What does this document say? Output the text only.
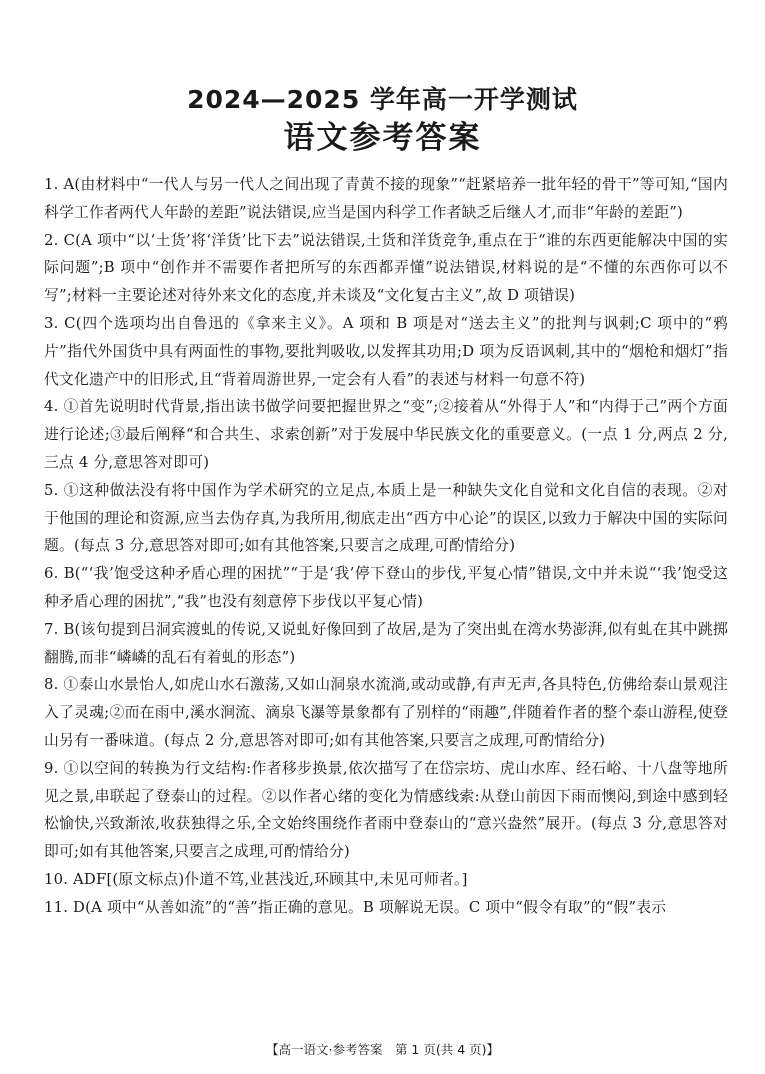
2024—2025 学年高一开学测试
语文参考答案
1. A(由材料中“一代人与另一代人之间出现了青黄不接的现象”“赶紧培养一批年轻的骨干”等可知,“国内科学工作者两代人年龄的差距”说法错误,应当是国内科学工作者缺乏后继人才,而非“年龄的差距”)
2. C(A 项中“以‘土货’将‘洋货’比下去”说法错误,土货和洋货竞争,重点在于“谁的东西更能解决中国的实际问题”;B 项中“创作并不需要作者把所写的东西都弄懂”说法错误,材料说的是“不懂的东西你可以不写”;材料一主要论述对待外来文化的态度,并未谈及“文化复古主义”,故 D 项错误)
3. C(四个选项均出自鲁迅的《拿来主义》。A 项和 B 项是对“送去主义”的批判与讽刺;C 项中的“鸦片”指代外国货中具有两面性的事物,要批判吸收,以发挥其功用;D 项为反语讽刺,其中的“烟枪和烟灯”指代文化遗产中的旧形式,且“背着周游世界,一定会有人看”的表述与材料一句意不符)
4. ①首先说明时代背景,指出读书做学问要把握世界之“变”;②接着从“外得于人”和“内得于己”两个方面进行论述;③最后阐释“和合共生、求索创新”对于发展中华民族文化的重要意义。(一点 1 分,两点 2 分,三点 4 分,意思答对即可)
5. ①这种做法没有将中国作为学术研究的立足点,本质上是一种缺失文化自觉和文化自信的表现。②对于他国的理论和资源,应当去伪存真,为我所用,彻底走出“西方中心论”的误区,以致力于解决中国的实际问题。(每点 3 分,意思答对即可;如有其他答案,只要言之成理,可酌情给分)
6. B(“‘我’饱受这种矛盾心理的困扰”“于是‘我’停下登山的步伐,平复心情”错误,文中并未说“‘我’饱受这种矛盾心理的困扰”,“我”也没有刻意停下步伐以平复心情)
7. B(该句提到吕洞宾渡虬的传说,又说虬好像回到了故居,是为了突出虬在湾水势澎湃,似有虬在其中跳掷翻腾,而非“嶙嶙的乱石有着虬的形态”)
8. ①泰山水景怡人,如虎山水石激荡,又如山洞泉水流淌,或动或静,有声无声,各具特色,仿佛给泰山景观注入了灵魂;②而在雨中,溪水涧流、滴泉飞瀑等景象都有了别样的“雨趣”,伴随着作者的整个泰山游程,使登山另有一番味道。(每点 2 分,意思答对即可;如有其他答案,只要言之成理,可酌情给分)
9. ①以空间的转换为行文结构:作者移步换景,依次描写了在岱宗坊、虎山水库、经石峪、十八盘等地所见之景,串联起了登泰山的过程。②以作者心绪的变化为情感线索:从登山前因下雨而懊闷,到途中感到轻松愉快,兴致渐浓,收获独得之乐,全文始终围绕作者雨中登泰山的“意兴盎然”展开。(每点 3 分,意思答对即可;如有其他答案,只要言之成理,可酌情给分)
10. ADF[(原文标点)仆道不笃,业甚浅近,环顾其中,未见可师者。]
11. D(A 项中“从善如流”的“善”指正确的意见。B 项解说无误。C 项中“假令有取”的“假”表示
【高一语文·参考答案　第 1 页(共 4 页)】
